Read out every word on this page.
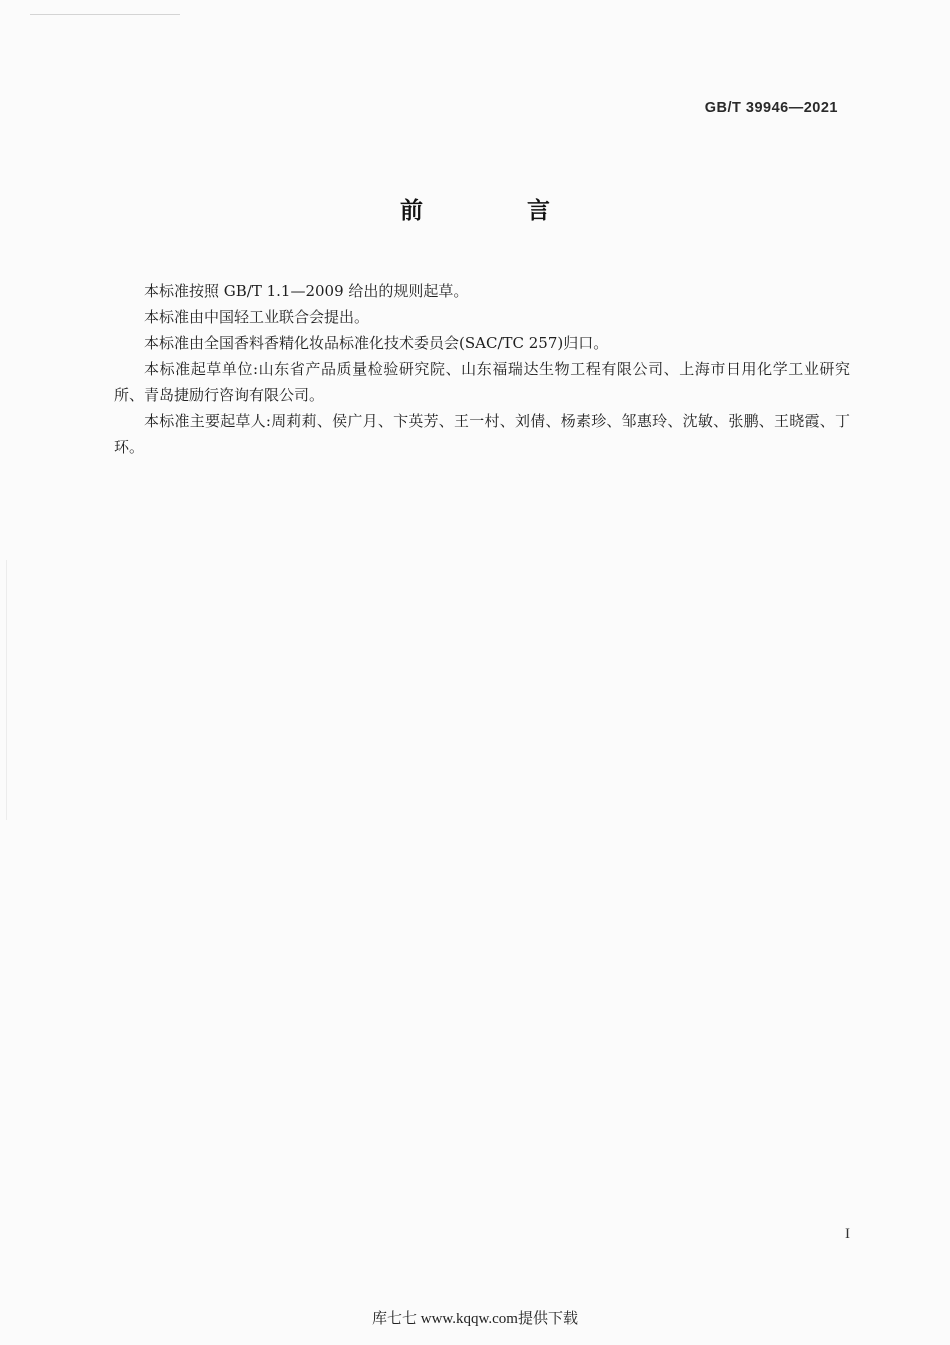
GB/T 39946—2021
前 言

本标准按照 GB/T 1.1—2009 给出的规则起草。

本标准由中国轻工业联合会提出。

本标准由全国香料香精化妆品标准化技术委员会(SAC/TC 257)归口。

本标准起草单位:山东省产品质量检验研究院、山东福瑞达生物工程有限公司、上海市日用化学工业研究所、青岛捷励行咨询有限公司。

本标准主要起草人:周莉莉、侯广月、卞英芳、王一村、刘倩、杨素珍、邹惠玲、沈敏、张鹏、王晓霞、丁环。

I
库七七 www.kqqw.com提供下载
